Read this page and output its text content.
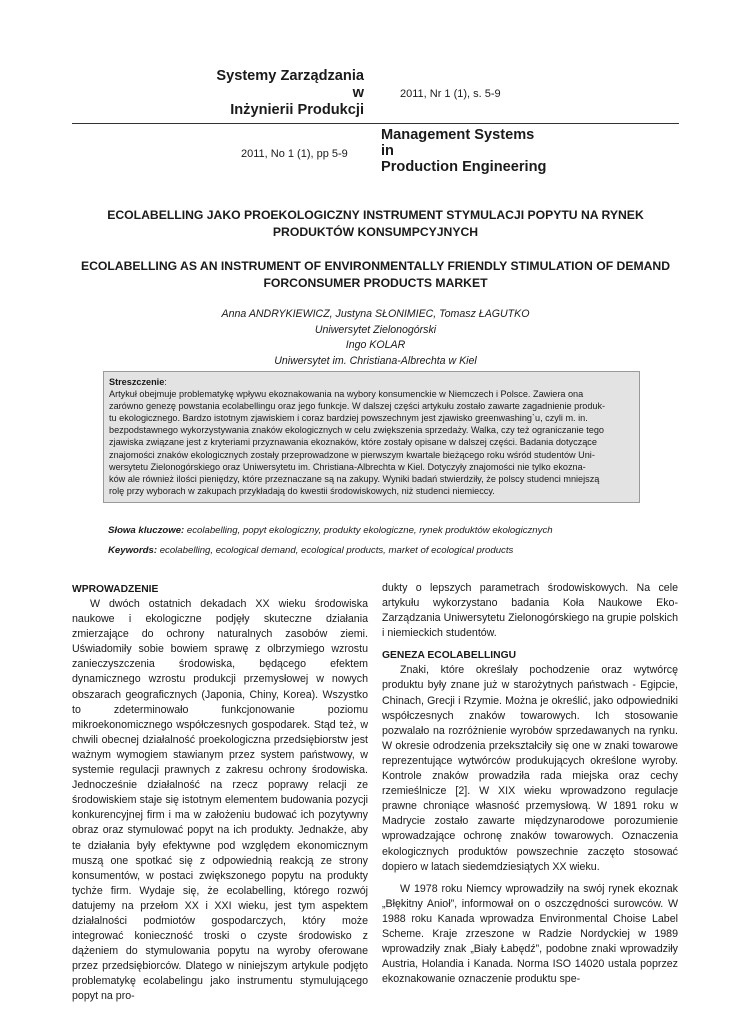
Systemy Zarządzania
w
Inżynierii Produkcji
2011, Nr 1 (1), s. 5-9
Management Systems
in
Production Engineering
2011, No 1 (1), pp 5-9
ECOLABELLING JAKO PROEKOLOGICZNY INSTRUMENT STYMULACJI POPYTU NA RYNEK PRODUKTÓW KONSUMPCYJNYCH
ECOLABELLING AS AN INSTRUMENT OF ENVIRONMENTALLY FRIENDLY STIMULATION OF DEMAND FORCONSUMER PRODUCTS MARKET
Anna ANDRYKIEWICZ, Justyna SŁONIMIEC, Tomasz ŁAGUTKO
Uniwersytet Zielonogórski
Ingo KOLAR
Uniwersytet im. Christiana-Albrechta w Kiel
Streszczenie:
Artykuł obejmuje problematykę wpływu ekoznakowania na wybory konsumenckie w Niemczech i Polsce. Zawiera ona
zarówno genezę powstania ecolabellingu oraz jego funkcje. W dalszej części artykułu zostało zawarte zagadnienie produk-
tu ekologicznego. Bardzo istotnym zjawiskiem i coraz bardziej powszechnym jest zjawisko greenwashing`u, czyli m. in.
bezpodstawnego wykorzystywania znaków ekologicznych w celu zwiększenia sprzedaży. Walka, czy też ograniczanie tego
zjawiska związane jest z kryteriami przyznawania ekoznaków, które zostały opisane w dalszej części. Badania dotyczące
znajomości znaków ekologicznych zostały przeprowadzone w pierwszym kwartale bieżącego roku wśród studentów Uni-
wersytetu Zielonogórskiego oraz Uniwersytetu im. Christiana-Albrechta w Kiel. Dotyczyły znajomości nie tylko ekozna-
ków ale również ilości pieniędzy, które przeznaczane są na zakupy. Wyniki badań stwierdziły, że polscy studenci mniejszą
rolę przy wyborach w zakupach przykładają do kwestii środowiskowych, niż studenci niemieccy.
Słowa kluczowe: ecolabelling, popyt ekologiczny, produkty ekologiczne, rynek produktów ekologicznych
Keywords: ecolabelling, ecological demand, ecological products, market of ecological products
WPROWADZENIE

W dwóch ostatnich dekadach XX wieku środowiska naukowe i ekologiczne podjęły skuteczne działania zmierzające do ochrony naturalnych zasobów ziemi. Uświadomiły sobie bowiem sprawę z olbrzymiego wzrostu zanieczyszczenia środowiska, będącego efektem dynamicznego wzrostu produkcji przemysłowej w nowych obszarach geograficznych (Japonia, Chiny, Korea). Wszystko to zdeterminowało funkcjonowanie poziomu mikroekonomicznego współczesnych gospodarek. Stąd też, w chwili obecnej działalność proekologiczna przedsiębiorstw jest ważnym wymogiem stawianym przez system państwowy, w systemie regulacji prawnych z zakresu ochrony środowiska. Jednocześnie działalność na rzecz poprawy relacji ze środowiskiem staje się istotnym elementem budowania pozycji konkurencyjnej firm i ma w założeniu budować ich pozytywny obraz oraz stymulować popyt na ich produkty. Jednakże, aby te działania były efektywne pod względem ekonomicznym muszą one spotkać się z odpowiednią reakcją ze strony konsumentów, w postaci zwiększonego popytu na produkty tychże firm. Wydaje się, że ecolabelling, którego rozwój datujemy na przełom XX i XXI wieku, jest tym aspektem działalności podmiotów gospodarczych, który może integrować konieczność troski o czyste środowisko z dążeniem do stymulowania popytu na wyroby oferowane przez przedsiębiorców. Dlatego w niniejszym artykule podjęto problematykę ecolabelingu jako instrumentu stymulującego popyt na pro-

dukty o lepszych parametrach środowiskowych. Na cele artykułu wykorzystano badania Koła Naukowe Eko-Zarządzania Uniwersytetu Zielonogórskiego na grupie polskich i niemieckich studentów.

GENEZA ECOLABELLINGU

Znaki, które określały pochodzenie oraz wytwórcę produktu były znane już w starożytnych państwach - Egipcie, Chinach, Grecji i Rzymie. Można je określić, jako odpowiedniki współczesnych znaków towarowych. Ich stosowanie pozwalało na rozróżnienie wyrobów sprzedawanych na rynku. W okresie odrodzenia przekształciły się one w znaki towarowe reprezentujące wytwórców produkujących określone wyroby. Kontrole znaków prowadziła rada miejska oraz cechy rzemieślnicze [2]. W XIX wieku wprowadzono regulacje prawne chroniące własność przemysłową. W 1891 roku w Madrycie zostało zawarte międzynarodowe porozumienie wprowadzające ochronę znaków towarowych. Oznaczenia ekologicznych produktów powszechnie zaczęto stosować dopiero w latach siedemdziesiątych XX wieku.

W 1978 roku Niemcy wprowadziły na swój rynek ekoznak „Błękitny Anioł”, informował on o oszczędności surowców. W 1988 roku Kanada wprowadza Environmental Choise Label Scheme. Kraje zrzeszone w Radzie Nordyckiej w 1989 wprowadziły znak „Biały Łabędź”, podobne znaki wprowadziły Austria, Holandia i Kanada. Norma ISO 14020 ustala poprzez ekoznakowanie oznaczenie produktu spe-
